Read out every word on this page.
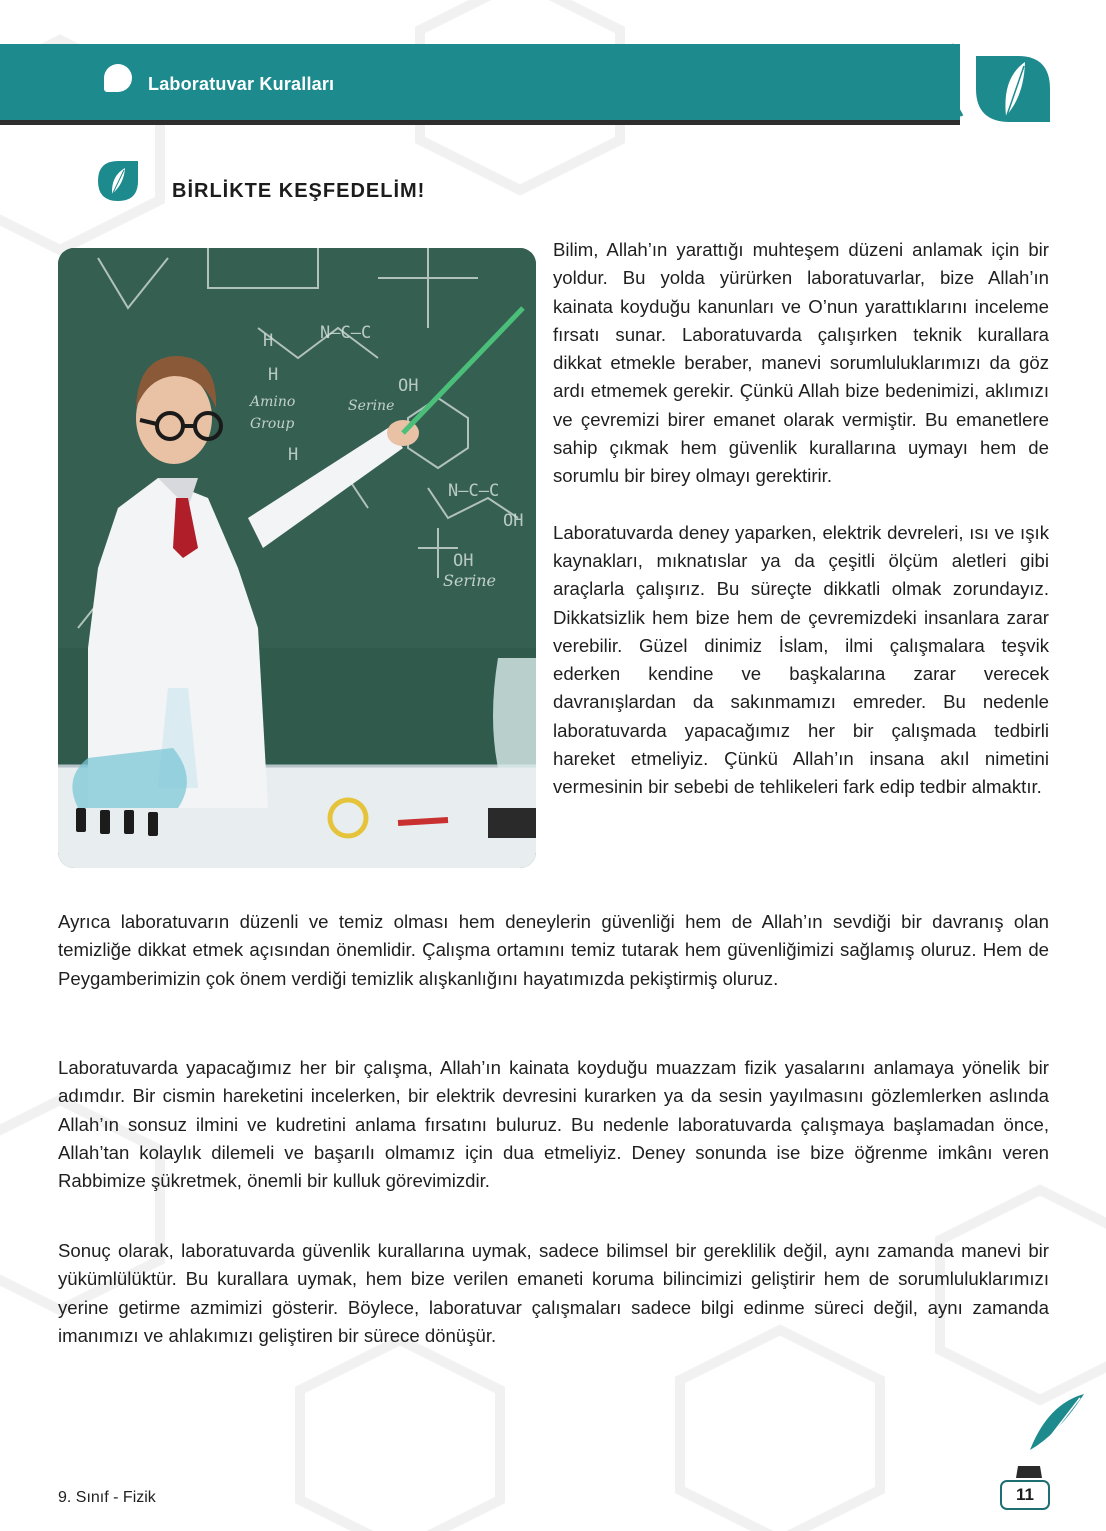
Laboratuvar Kuralları
BİRLİKTE KEŞFEDELİM!
H
H
N–C–C
OH
H
N–C–C
OH
OH
Amino
Group
Serine
Serine

Bilim, Allah’ın yarattığı muhteşem düzeni anlamak için bir yoldur. Bu yolda yürürken laboratuvarlar, bize Allah’ın kainata koyduğu kanunları ve O’nun yarattıklarını inceleme fırsatı sunar. Laboratuvarda çalışırken teknik kurallara dikkat etmekle beraber, manevi sorumluluklarımızı da göz ardı etmemek gerekir. Çünkü Allah bize bedenimizi, aklımızı ve çevremizi birer emanet olarak vermiştir. Bu emanetlere sahip çıkmak hem güvenlik kurallarına uymayı hem de sorumlu bir birey olmayı gerektirir.

Laboratuvarda deney yaparken, elektrik devreleri, ısı ve ışık kaynakları, mıknatıslar ya da çeşitli ölçüm aletleri gibi araçlarla çalışırız. Bu süreçte dikkatli olmak zorundayız. Dikkatsizlik hem bize hem de çevremizdeki insanlara zarar verebilir. Güzel dinimiz İslam, ilmi çalışmalara teşvik ederken kendine ve başkalarına zarar verecek davranışlardan da sakınmamızı emreder. Bu nedenle laboratuvarda yapacağımız her bir çalışmada tedbirli hareket etmeliyiz. Çünkü Allah’ın insana akıl nimetini vermesinin bir sebebi de tehlikeleri fark edip tedbir almaktır.

Ayrıca laboratuvarın düzenli ve temiz olması hem deneylerin güvenliği hem de Allah’ın sevdiği bir davranış olan temizliğe dikkat etmek açısından önemlidir. Çalışma ortamını temiz tutarak hem güvenliğimizi sağlamış oluruz. Hem de Peygamberimizin çok önem verdiği temizlik alışkanlığını hayatımızda pekiştirmiş oluruz.

Laboratuvarda yapacağımız her bir çalışma, Allah’ın kainata koyduğu muazzam fizik yasalarını anlamaya yönelik bir adımdır. Bir cismin hareketini incelerken, bir elektrik devresini kurarken ya da sesin yayılmasını gözlemlerken aslında Allah’ın sonsuz ilmini ve kudretini anlama fırsatını buluruz. Bu nedenle laboratuvarda çalışmaya başlamadan önce, Allah’tan kolaylık dilemeli ve başarılı olmamız için dua etmeliyiz. Deney sonunda ise bize öğrenme imkânı veren Rabbimize şükretmek, önemli bir kulluk görevimizdir.

Sonuç olarak, laboratuvarda güvenlik kurallarına uymak, sadece bilimsel bir gereklilik değil, aynı zamanda manevi bir yükümlülüktür. Bu kurallara uymak, hem bize verilen emaneti koruma bilincimizi geliştirir hem de sorumluluklarımızı yerine getirme azmimizi gösterir. Böylece, laboratuvar çalışmaları sadece bilgi edinme süreci değil, aynı zamanda imanımızı ve ahlakımızı geliştiren bir sürece dönüşür.

9. Sınıf - Fizik	11
